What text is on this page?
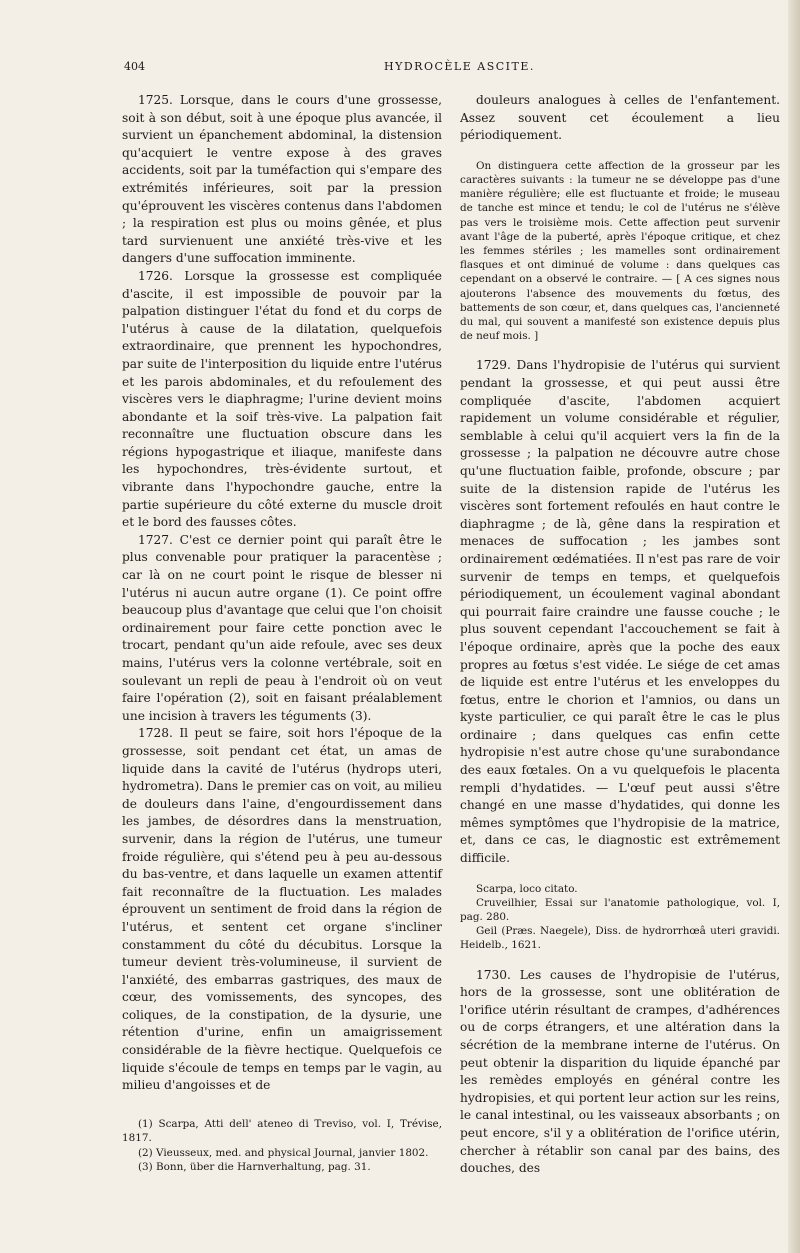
404	HYDROCÈLE ASCITE.

1725. Lorsque, dans le cours d'une grossesse, soit à son début, soit à une époque plus avancée, il survient un épanchement abdominal, la distension qu'acquiert le ventre expose à des graves accidents, soit par la tuméfaction qui s'empare des extrémités inférieures, soit par la pression qu'éprouvent les viscères contenus dans l'abdomen ; la respiration est plus ou moins gênée, et plus tard survienuent une anxiété très-vive et les dangers d'une suffocation imminente.

1726. Lorsque la grossesse est compliquée d'ascite, il est impossible de pouvoir par la palpation distinguer l'état du fond et du corps de l'utérus à cause de la dilatation, quelquefois extraordinaire, que prennent les hypochondres, par suite de l'interposition du liquide entre l'utérus et les parois abdominales, et du refoulement des viscères vers le diaphragme; l'urine devient moins abondante et la soif très-vive. La palpation fait reconnaître une fluctuation obscure dans les régions hypogastrique et iliaque, manifeste dans les hypochondres, très-évidente surtout, et vibrante dans l'hypochondre gauche, entre la partie supérieure du côté externe du muscle droit et le bord des fausses côtes.

1727. C'est ce dernier point qui paraît être le plus convenable pour pratiquer la paracentèse ; car là on ne court point le risque de blesser ni l'utérus ni aucun autre organe (1). Ce point offre beaucoup plus d'avantage que celui que l'on choisit ordinairement pour faire cette ponction avec le trocart, pendant qu'un aide refoule, avec ses deux mains, l'utérus vers la colonne vertébrale, soit en soulevant un repli de peau à l'endroit où on veut faire l'opération (2), soit en faisant préalablement une incision à travers les téguments (3).

1728. Il peut se faire, soit hors l'époque de la grossesse, soit pendant cet état, un amas de liquide dans la cavité de l'utérus (hydrops uteri, hydrometra). Dans le premier cas on voit, au milieu de douleurs dans l'aine, d'engourdissement dans les jambes, de désordres dans la menstruation, survenir, dans la région de l'utérus, une tumeur froide régulière, qui s'étend peu à peu au-dessous du bas-ventre, et dans laquelle un examen attentif fait reconnaître de la fluctuation. Les malades éprouvent un sentiment de froid dans la région de l'utérus, et sentent cet organe s'incliner constamment du côté du décubitus. Lorsque la tumeur devient très-volumineuse, il survient de l'anxiété, des embarras gastriques, des maux de cœur, des vomissements, des syncopes, des coliques, de la constipation, de la dysurie, une rétention d'urine, enfin un amaigrissement considérable de la fièvre hectique. Quelquefois ce liquide s'écoule de temps en temps par le vagin, au milieu d'angoisses et de

(1) Scarpa, Atti dell' ateneo di Treviso, vol. I, Trévise, 1817.

(2) Vieusseux, med. and physical Journal, janvier 1802.

(3) Bonn, über die Harnverhaltung, pag. 31.

douleurs analogues à celles de l'enfantement. Assez souvent cet écoulement a lieu périodiquement.

On distinguera cette affection de la grosseur par les caractères suivants : la tumeur ne se développe pas d'une manière régulière; elle est fluctuante et froide; le museau de tanche est mince et tendu; le col de l'utérus ne s'élève pas vers le troisième mois. Cette affection peut survenir avant l'âge de la puberté, après l'époque critique, et chez les femmes stériles ; les mamelles sont ordinairement flasques et ont diminué de volume : dans quelques cas cependant on a observé le contraire. — [ A ces signes nous ajouterons l'absence des mouvements du fœtus, des battements de son cœur, et, dans quelques cas, l'ancienneté du mal, qui souvent a manifesté son existence depuis plus de neuf mois. ]

1729. Dans l'hydropisie de l'utérus qui survient pendant la grossesse, et qui peut aussi être compliquée d'ascite, l'abdomen acquiert rapidement un volume considérable et régulier, semblable à celui qu'il acquiert vers la fin de la grossesse ; la palpation ne découvre autre chose qu'une fluctuation faible, profonde, obscure ; par suite de la distension rapide de l'utérus les viscères sont fortement refoulés en haut contre le diaphragme ; de là, gêne dans la respiration et menaces de suffocation ; les jambes sont ordinairement œdématiées. Il n'est pas rare de voir survenir de temps en temps, et quelquefois périodiquement, un écoulement vaginal abondant qui pourrait faire craindre une fausse couche ; le plus souvent cependant l'accouchement se fait à l'époque ordinaire, après que la poche des eaux propres au fœtus s'est vidée. Le siége de cet amas de liquide est entre l'utérus et les enveloppes du fœtus, entre le chorion et l'amnios, ou dans un kyste particulier, ce qui paraît être le cas le plus ordinaire ; dans quelques cas enfin cette hydropisie n'est autre chose qu'une surabondance des eaux fœtales. On a vu quelquefois le placenta rempli d'hydatides. — L'œuf peut aussi s'être changé en une masse d'hydatides, qui donne les mêmes symptômes que l'hydropisie de la matrice, et, dans ce cas, le diagnostic est extrêmement difficile.

Scarpa, loco citato.

Cruveilhier, Essai sur l'anatomie pathologique, vol. I, pag. 280.

Geil (Præs. Naegele), Diss. de hydrorrhœâ uteri gravidi. Heidelb., 1621.

1730. Les causes de l'hydropisie de l'utérus, hors de la grossesse, sont une oblitération de l'orifice utérin résultant de crampes, d'adhérences ou de corps étrangers, et une altération dans la sécrétion de la membrane interne de l'utérus. On peut obtenir la disparition du liquide épanché par les remèdes employés en général contre les hydropisies, et qui portent leur action sur les reins, le canal intestinal, ou les vaisseaux absorbants ; on peut encore, s'il y a oblitération de l'orifice utérin, chercher à rétablir son canal par des bains, des douches, des
